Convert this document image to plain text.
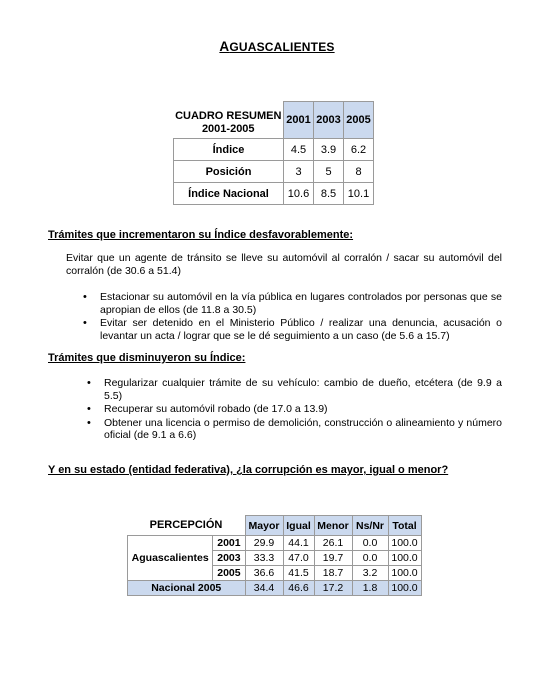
AGUASCALIENTES
CUADRO RESUMEN
2001-2005	2001	2003	2005
Índice	4.5	3.9	6.2
Posición	3	5	8
Índice Nacional	10.6	8.5	10.1
Trámites que incrementaron su Índice desfavorablemente:
Evitar que un agente de tránsito se lleve su automóvil al corralón / sacar su automóvil del corralón (de 30.6 a 51.4)
• Estacionar su automóvil en la vía pública en lugares controlados por personas que se apropian de ellos (de 11.8 a 30.5)
• Evitar ser detenido en el Ministerio Público / realizar una denuncia, acusación o levantar un acta / lograr que se le dé seguimiento a un caso (de 5.6 a 15.7)
Trámites que disminuyeron su Índice:
• Regularizar cualquier trámite de su vehículo: cambio de dueño, etcétera (de 9.9 a 5.5)
• Recuperar su automóvil robado (de 17.0 a 13.9)
• Obtener una licencia o permiso de demolición, construcción o alineamiento y número oficial (de 9.1 a 6.6)
Y en su estado (entidad federativa), ¿la corrupción es mayor, igual o menor?
PERCEPCIÓN		Mayor	Igual	Menor	Ns/Nr	Total
Aguascalientes	2001	29.9	44.1	26.1	0.0	100.0
	2003	33.3	47.0	19.7	0.0	100.0
	2005	36.6	41.5	18.7	3.2	100.0
Nacional 2005		34.4	46.6	17.2	1.8	100.0
